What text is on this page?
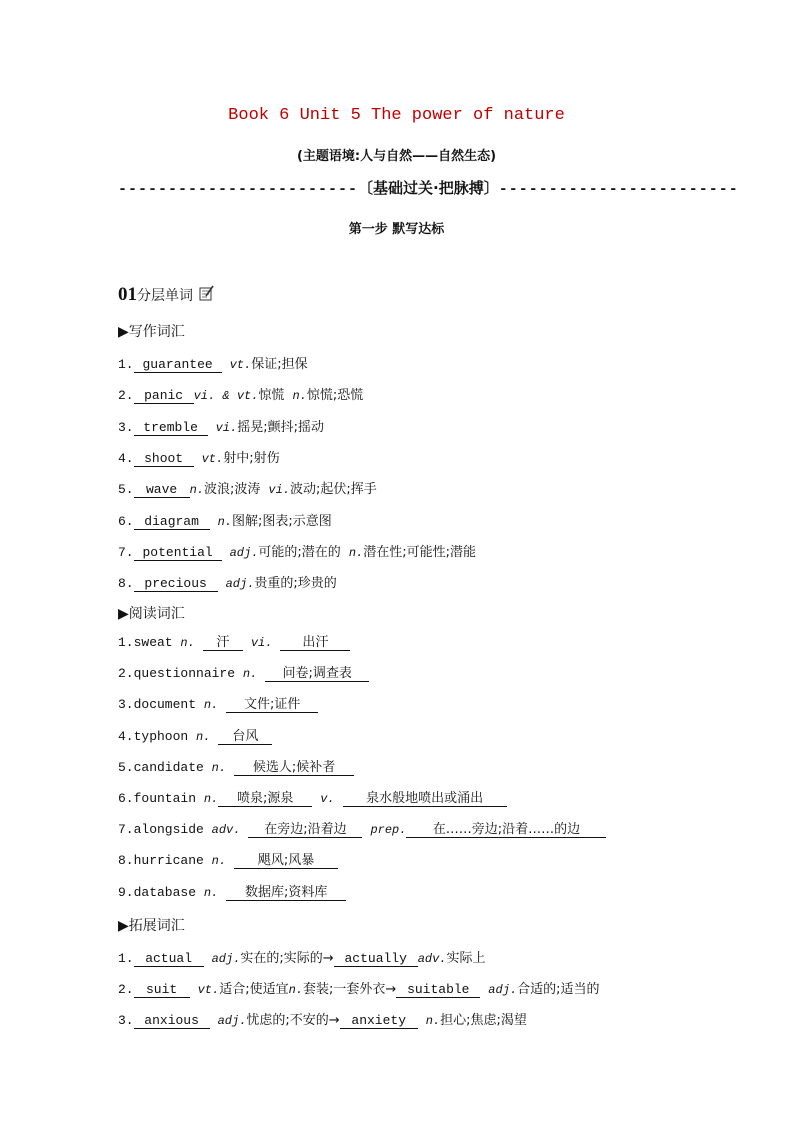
Book 6 Unit 5 The power of nature
(主题语境:人与自然——自然生态)
------------------------〔基础过关·把脉搏〕------------------------
第一步 默写达标
01分层单词
▶写作词汇
1. guarantee vt.保证;担保
2. panic vi. & vt.惊慌 n.惊慌;恐慌
3. tremble vi.摇晃;颤抖;摇动
4. shoot vt.射中;射伤
5. wave n.波浪;波涛 vi.波动;起伏;挥手
6. diagram n.图解;图表;示意图
7. potential adj.可能的;潜在的 n.潜在性;可能性;潜能
8. precious adj.贵重的;珍贵的
▶阅读词汇
1.sweat n. 汗 vi. 出汗
2.questionnaire n. 问卷;调查表
3.document n. 文件;证件
4.typhoon n. 台风
5.candidate n. 候选人;候补者
6.fountain n. 喷泉;源泉 v. 泉水般地喷出或涌出
7.alongside adv. 在旁边;沿着边 prep. 在……旁边;沿着……的边
8.hurricane n. 飓风;风暴
9.database n. 数据库;资料库
▶拓展词汇
1. actual adj.实在的;实际的→ actually adv.实际上
2. suit vt.适合;使适宜n.套装;一套外衣→ suitable adj.合适的;适当的
3. anxious adj.忧虑的;不安的→ anxiety n.担心;焦虑;渴望
